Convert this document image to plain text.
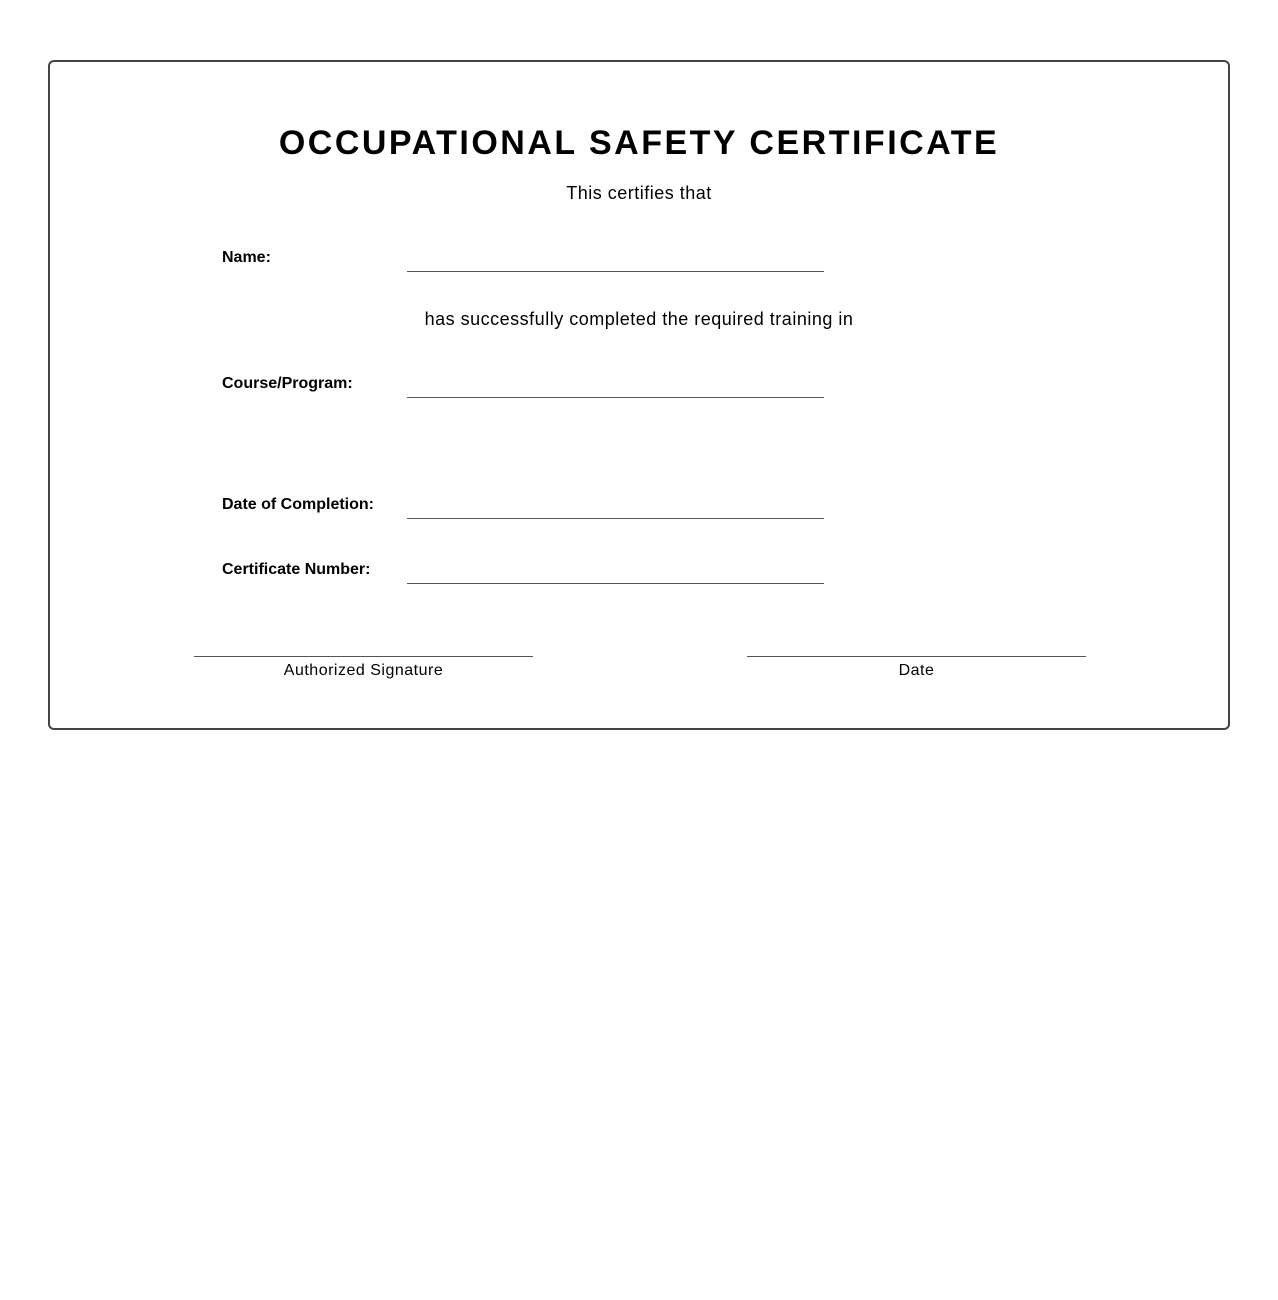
OCCUPATIONAL SAFETY CERTIFICATE
This certifies that
Name:
has successfully completed the required training in
Course/Program:
Date of Completion:
Certificate Number:
Authorized Signature	Date
